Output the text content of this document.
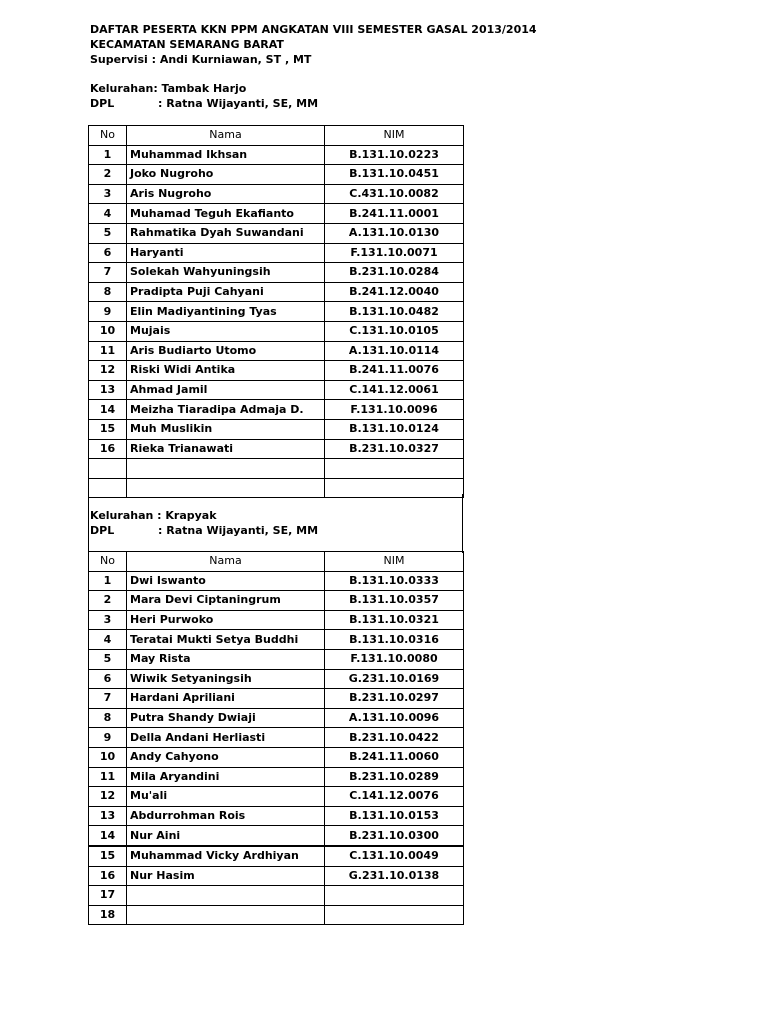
DAFTAR PESERTA KKN PPM ANGKATAN VIII SEMESTER GASAL 2013/2014
KECAMATAN SEMARANG BARAT
Supervisi : Andi Kurniawan, ST , MT
Kelurahan: Tambak Harjo
DPL	: Ratna Wijayanti, SE, MM
No	Nama	NIM
1	Muhammad Ikhsan	B.131.10.0223
2	Joko Nugroho	B.131.10.0451
3	Aris Nugroho	C.431.10.0082
4	Muhamad Teguh Ekafianto	B.241.11.0001
5	Rahmatika Dyah Suwandani	A.131.10.0130
6	Haryanti	F.131.10.0071
7	Solekah Wahyuningsih	B.231.10.0284
8	Pradipta Puji Cahyani	B.241.12.0040
9	Elin Madiyantining Tyas	B.131.10.0482
10	Mujais	C.131.10.0105
11	Aris Budiarto Utomo	A.131.10.0114
12	Riski Widi Antika	B.241.11.0076
13	Ahmad Jamil	C.141.12.0061
14	Meizha Tiaradipa Admaja D.	F.131.10.0096
15	Muh Muslikin	B.131.10.0124
16	Rieka Trianawati	B.231.10.0327

Kelurahan : Krapyak
DPL	: Ratna Wijayanti, SE, MM
No	Nama	NIM
1	Dwi Iswanto	B.131.10.0333
2	Mara Devi Ciptaningrum	B.131.10.0357
3	Heri Purwoko	B.131.10.0321
4	Teratai Mukti Setya Buddhi	B.131.10.0316
5	May Rista	F.131.10.0080
6	Wiwik Setyaningsih	G.231.10.0169
7	Hardani Apriliani	B.231.10.0297
8	Putra Shandy Dwiaji	A.131.10.0096
9	Della Andani Herliasti	B.231.10.0422
10	Andy Cahyono	B.241.11.0060
11	Mila Aryandini	B.231.10.0289
12	Mu'ali	C.141.12.0076
13	Abdurrohman Rois	B.131.10.0153
14	Nur Aini	B.231.10.0300
15	Muhammad Vicky Ardhiyan	C.131.10.0049
16	Nur Hasim	G.231.10.0138
17		
18		
